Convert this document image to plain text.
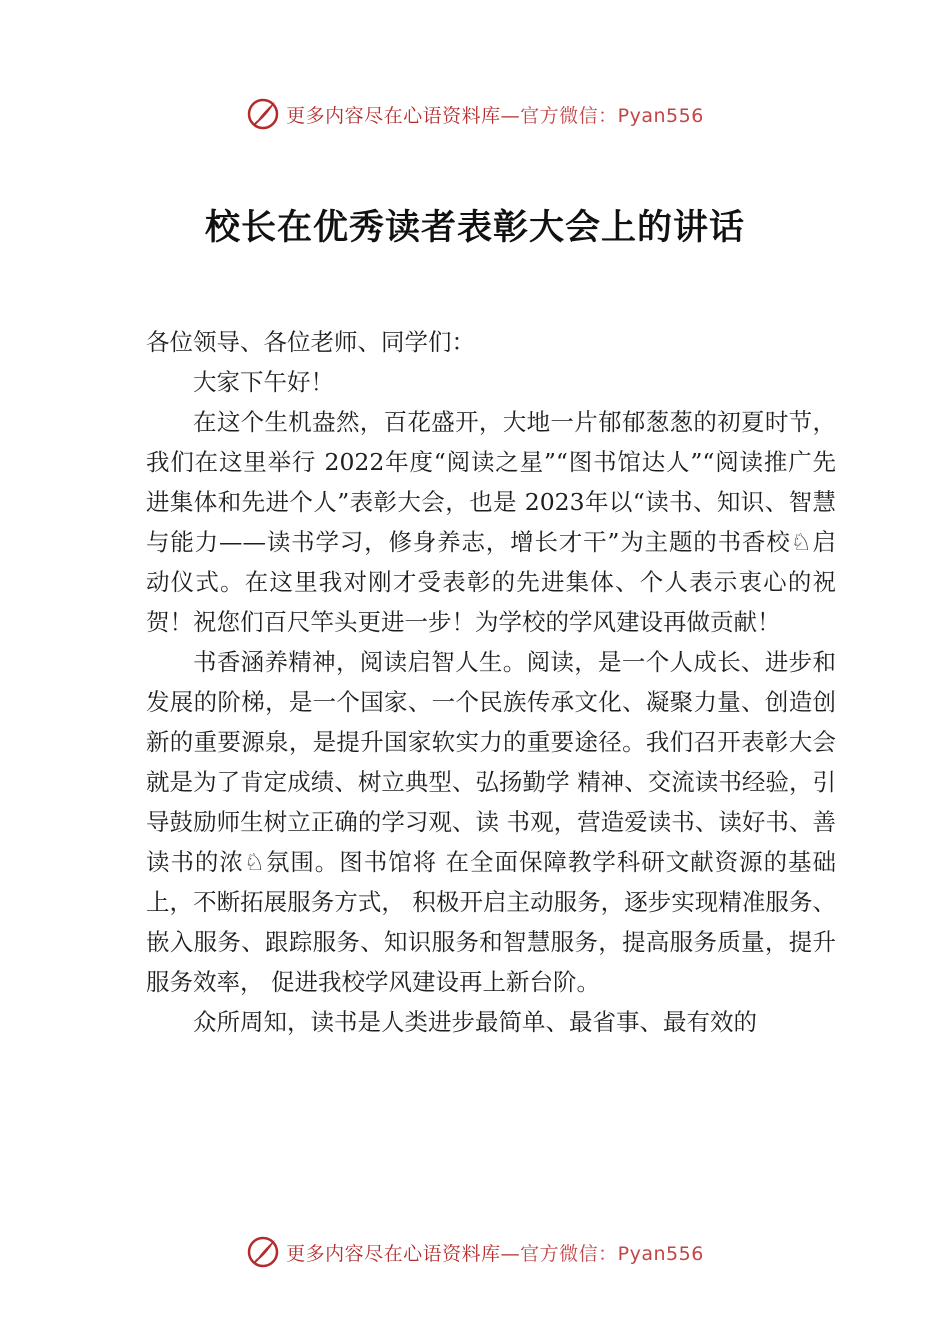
更多内容尽在心语资料库— 官方微信：Pyan556
校长在优秀读者表彰大会上的讲话

各位领导、各位老师、同学们：

大家下午好！

在这个生机盎然，百花盛开，大地一片郁郁葱葱的初夏时节，我们在这里举行 2022年度“阅读之星”“图书馆达人”“阅读推广先进集体和先进个人”表彰大会，也是 2023年以“读书、知识、智慧与能力——读书学习，修身养志，增长才干”为主题的书香校♘启动仪式。在这里我对刚才受表彰的先进集体、个人表示衷心的祝贺！祝您们百尺竿头更进一步！为学校的学风建设再做贡献！

书香涵养精神，阅读启智人生。阅读，是一个人成长、进步和发展的阶梯，是一个国家、一个民族传承文化、凝聚力量、创造创新的重要源泉，是提升国家软实力的重要途径。我们召开表彰大会就是为了肯定成绩、树立典型、弘扬勤学 精神、交流读书经验，引导鼓励师生树立正确的学习观、读 书观，营造爱读书、读好书、善读书的浓♘氛围。图书馆将 在全面保障教学科研文献资源的基础上，不断拓展服务方式， 积极开启主动服务，逐步实现精准服务、嵌入服务、跟踪服务、知识服务和智慧服务，提高服务质量，提升服务效率， 促进我校学风建设再上新台阶。

众所周知，读书是人类进步最简单、最省事、最有效的

更多内容尽在心语资料库— 官方微信：Pyan556
